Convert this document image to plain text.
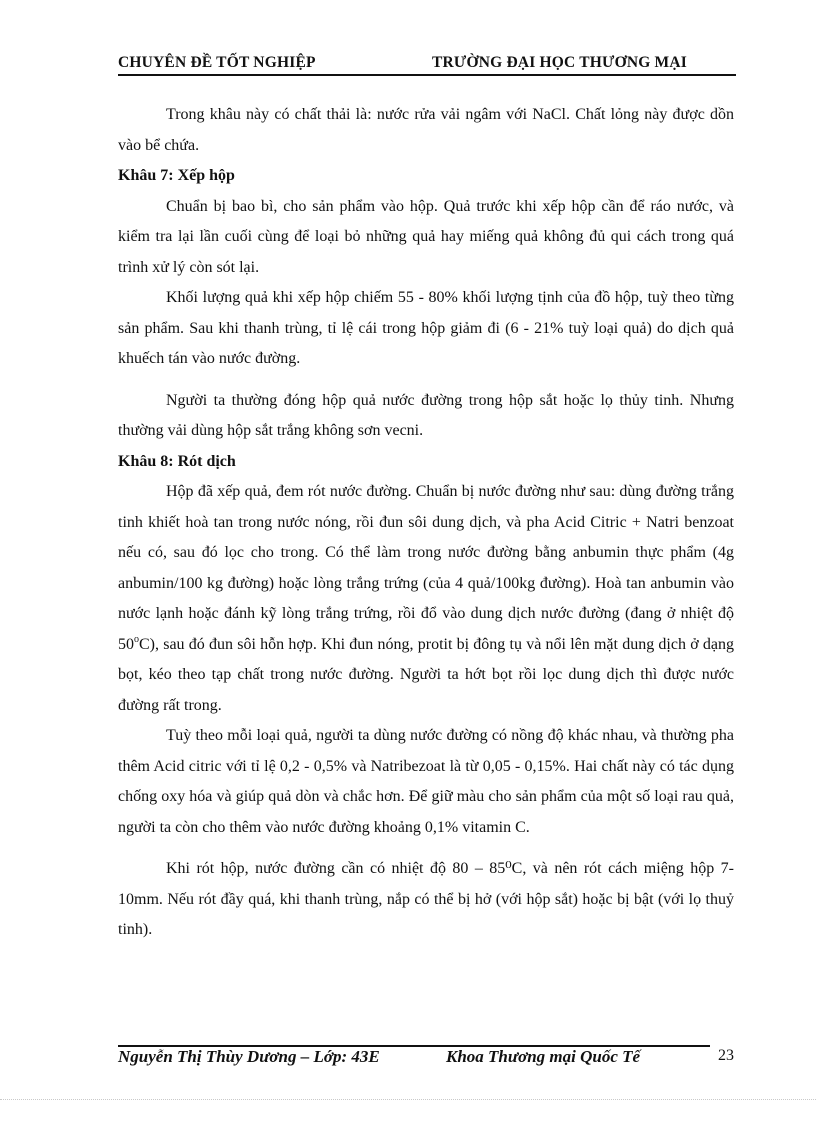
CHUYÊN ĐỀ TỐT NGHIỆP	TRƯỜNG ĐẠI HỌC THƯƠNG MẠI

Trong khâu này có chất thải là: nước rửa vải ngâm với NaCl. Chất lỏng này được dồn vào bể chứa.

Khâu 7: Xếp hộp

Chuẩn bị bao bì, cho sản phẩm vào hộp. Quả trước khi xếp hộp cần để ráo nước, và kiểm tra lại lần cuối cùng để loại bỏ những quả hay miếng quả không đủ qui cách trong quá trình xử lý còn sót lại.

Khối lượng quả khi xếp hộp chiếm 55 - 80% khối lượng tịnh của đồ hộp, tuỳ theo từng sản phẩm. Sau khi thanh trùng, tỉ lệ cái trong hộp giảm đi (6 - 21% tuỳ loại quả) do dịch quả khuếch tán vào nước đường.

Người ta thường đóng hộp quả nước đường trong hộp sắt hoặc lọ thủy tinh. Nhưng thường vải dùng hộp sắt trắng không sơn vecni.

Khâu 8: Rót dịch

Hộp đã xếp quả, đem rót nước đường. Chuẩn bị nước đường như sau: dùng đường trắng tinh khiết hoà tan trong nước nóng, rồi đun sôi dung dịch, và pha Acid Citric + Natri benzoat nếu có, sau đó lọc cho trong. Có thể làm trong nước đường bằng anbumin thực phẩm (4g anbumin/100 kg đường) hoặc lòng trắng trứng (của 4 quả/100kg đường). Hoà tan anbumin vào nước lạnh hoặc đánh kỹ lòng trắng trứng, rồi đổ vào dung dịch nước đường (đang ở nhiệt độ 50$^o$C), sau đó đun sôi hỗn hợp. Khi đun nóng, protit bị đông tụ và nổi lên mặt dung dịch ở dạng bọt, kéo theo tạp chất trong nước đường. Người ta hớt bọt rồi lọc dung dịch thì được nước đường rất trong.

Tuỳ theo mỗi loại quả, người ta dùng nước đường có nồng độ khác nhau, và thường pha thêm Acid citric với tỉ lệ 0,2 - 0,5% và Natribezoat là từ 0,05 - 0,15%. Hai chất này có tác dụng chống oxy hóa và giúp quả dòn và chắc hơn. Để giữ màu cho sản phẩm của một số loại rau quả, người ta còn cho thêm vào nước đường khoảng 0,1% vitamin C.

Khi rót hộp, nước đường cần có nhiệt độ 80 – 85⁰C, và nên rót cách miệng hộp 7-10mm. Nếu rót đầy quá, khi thanh trùng, nắp có thể bị hở (với hộp sắt) hoặc bị bật (với lọ thuỷ tinh).

Nguyễn Thị Thùy Dương – Lớp: 43E	Khoa Thương mại Quốc Tế	23
